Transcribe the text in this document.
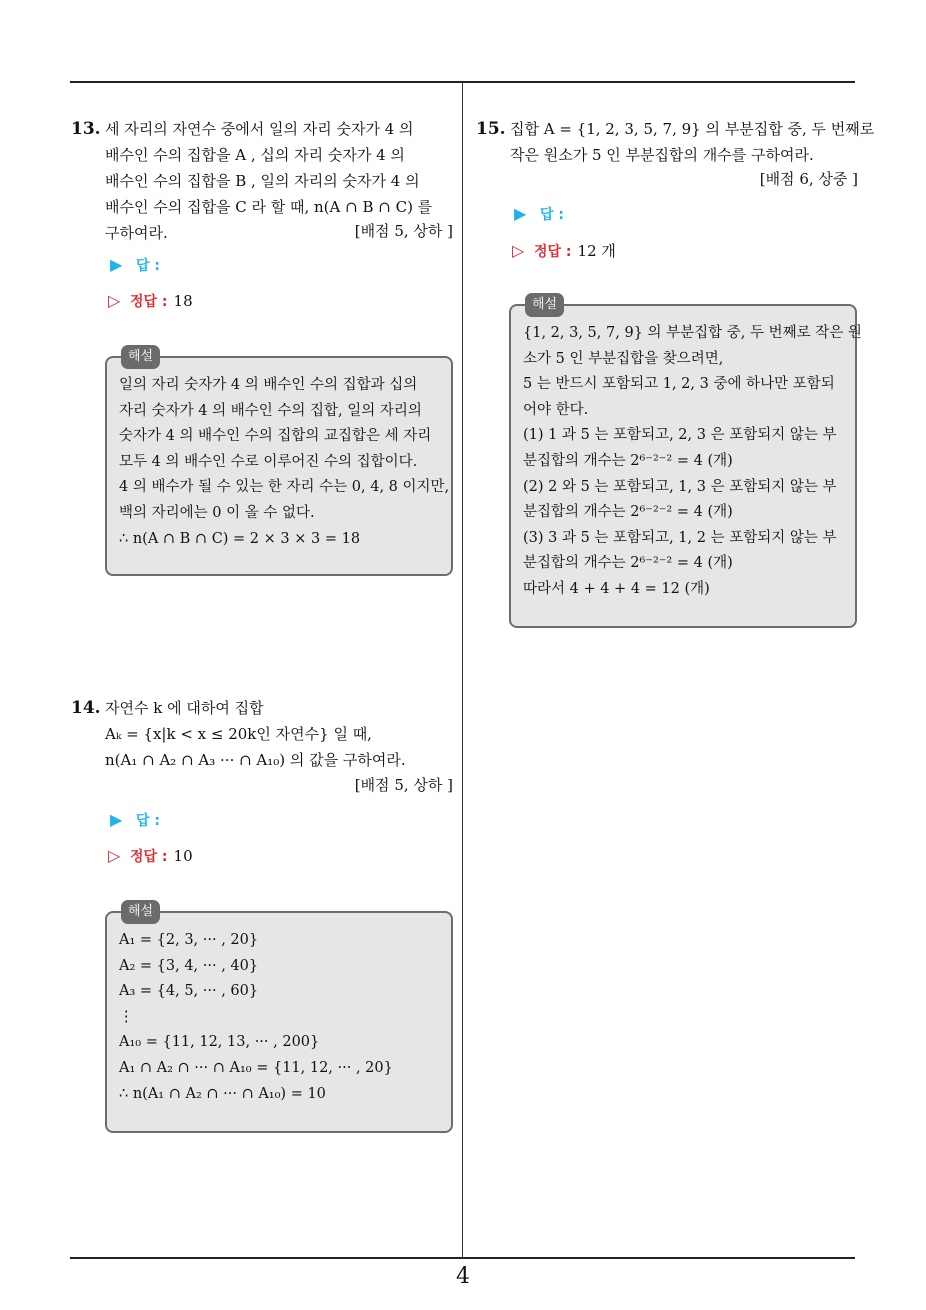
4
13. 세 자리의 자연수 중에서 일의 자리 숫자가 4 의
배수인 수의 집합을 A , 십의 자리 숫자가 4 의
배수인 수의 집합을 B , 일의 자리의 숫자가 4 의
배수인 수의 집합을 C 라 할 때, n(A ∩ B ∩ C) 를
구하여라.	[배점 5, 상하 ]
▶ 답 :
▷ 정답 : 18
해설
일의 자리 숫자가 4 의 배수인 수의 집합과 십의
자리 숫자가 4 의 배수인 수의 집합, 일의 자리의
숫자가 4 의 배수인 수의 집합의 교집합은 세 자리
모두 4 의 배수인 수로 이루어진 수의 집합이다.
4 의 배수가 될 수 있는 한 자리 수는 0, 4, 8 이지만,
백의 자리에는 0 이 올 수 없다.
∴ n(A ∩ B ∩ C) = 2 × 3 × 3 = 18
14. 자연수 k 에 대하여 집합
Aₖ = {x|k < x ≤ 20k인 자연수} 일 때,
n(A₁ ∩ A₂ ∩ A₃ ··· ∩ A₁₀) 의 값을 구하여라.
[배점 5, 상하 ]
▶ 답 :
▷ 정답 : 10
해설
A₁ = {2, 3, ··· , 20}
A₂ = {3, 4, ··· , 40}
A₃ = {4, 5, ··· , 60}
⋮
A₁₀ = {11, 12, 13, ··· , 200}
A₁ ∩ A₂ ∩ ··· ∩ A₁₀ = {11, 12, ··· , 20}
∴ n(A₁ ∩ A₂ ∩ ··· ∩ A₁₀) = 10
15. 집합 A = {1, 2, 3, 5, 7, 9} 의 부분집합 중, 두 번째로
작은 원소가 5 인 부분집합의 개수를 구하여라.
[배점 6, 상중 ]
▶ 답 :
▷ 정답 : 12 개
해설
{1, 2, 3, 5, 7, 9} 의 부분집합 중, 두 번째로 작은 원
소가 5 인 부분집합을 찾으려면,
5 는 반드시 포함되고 1, 2, 3 중에 하나만 포함되
어야 한다.
(1) 1 과 5 는 포함되고, 2, 3 은 포함되지 않는 부
분집합의 개수는 2⁶⁻²⁻² = 4 (개)
(2) 2 와 5 는 포함되고, 1, 3 은 포함되지 않는 부
분집합의 개수는 2⁶⁻²⁻² = 4 (개)
(3) 3 과 5 는 포함되고, 1, 2 는 포함되지 않는 부
분집합의 개수는 2⁶⁻²⁻² = 4 (개)
따라서 4 + 4 + 4 = 12 (개)
